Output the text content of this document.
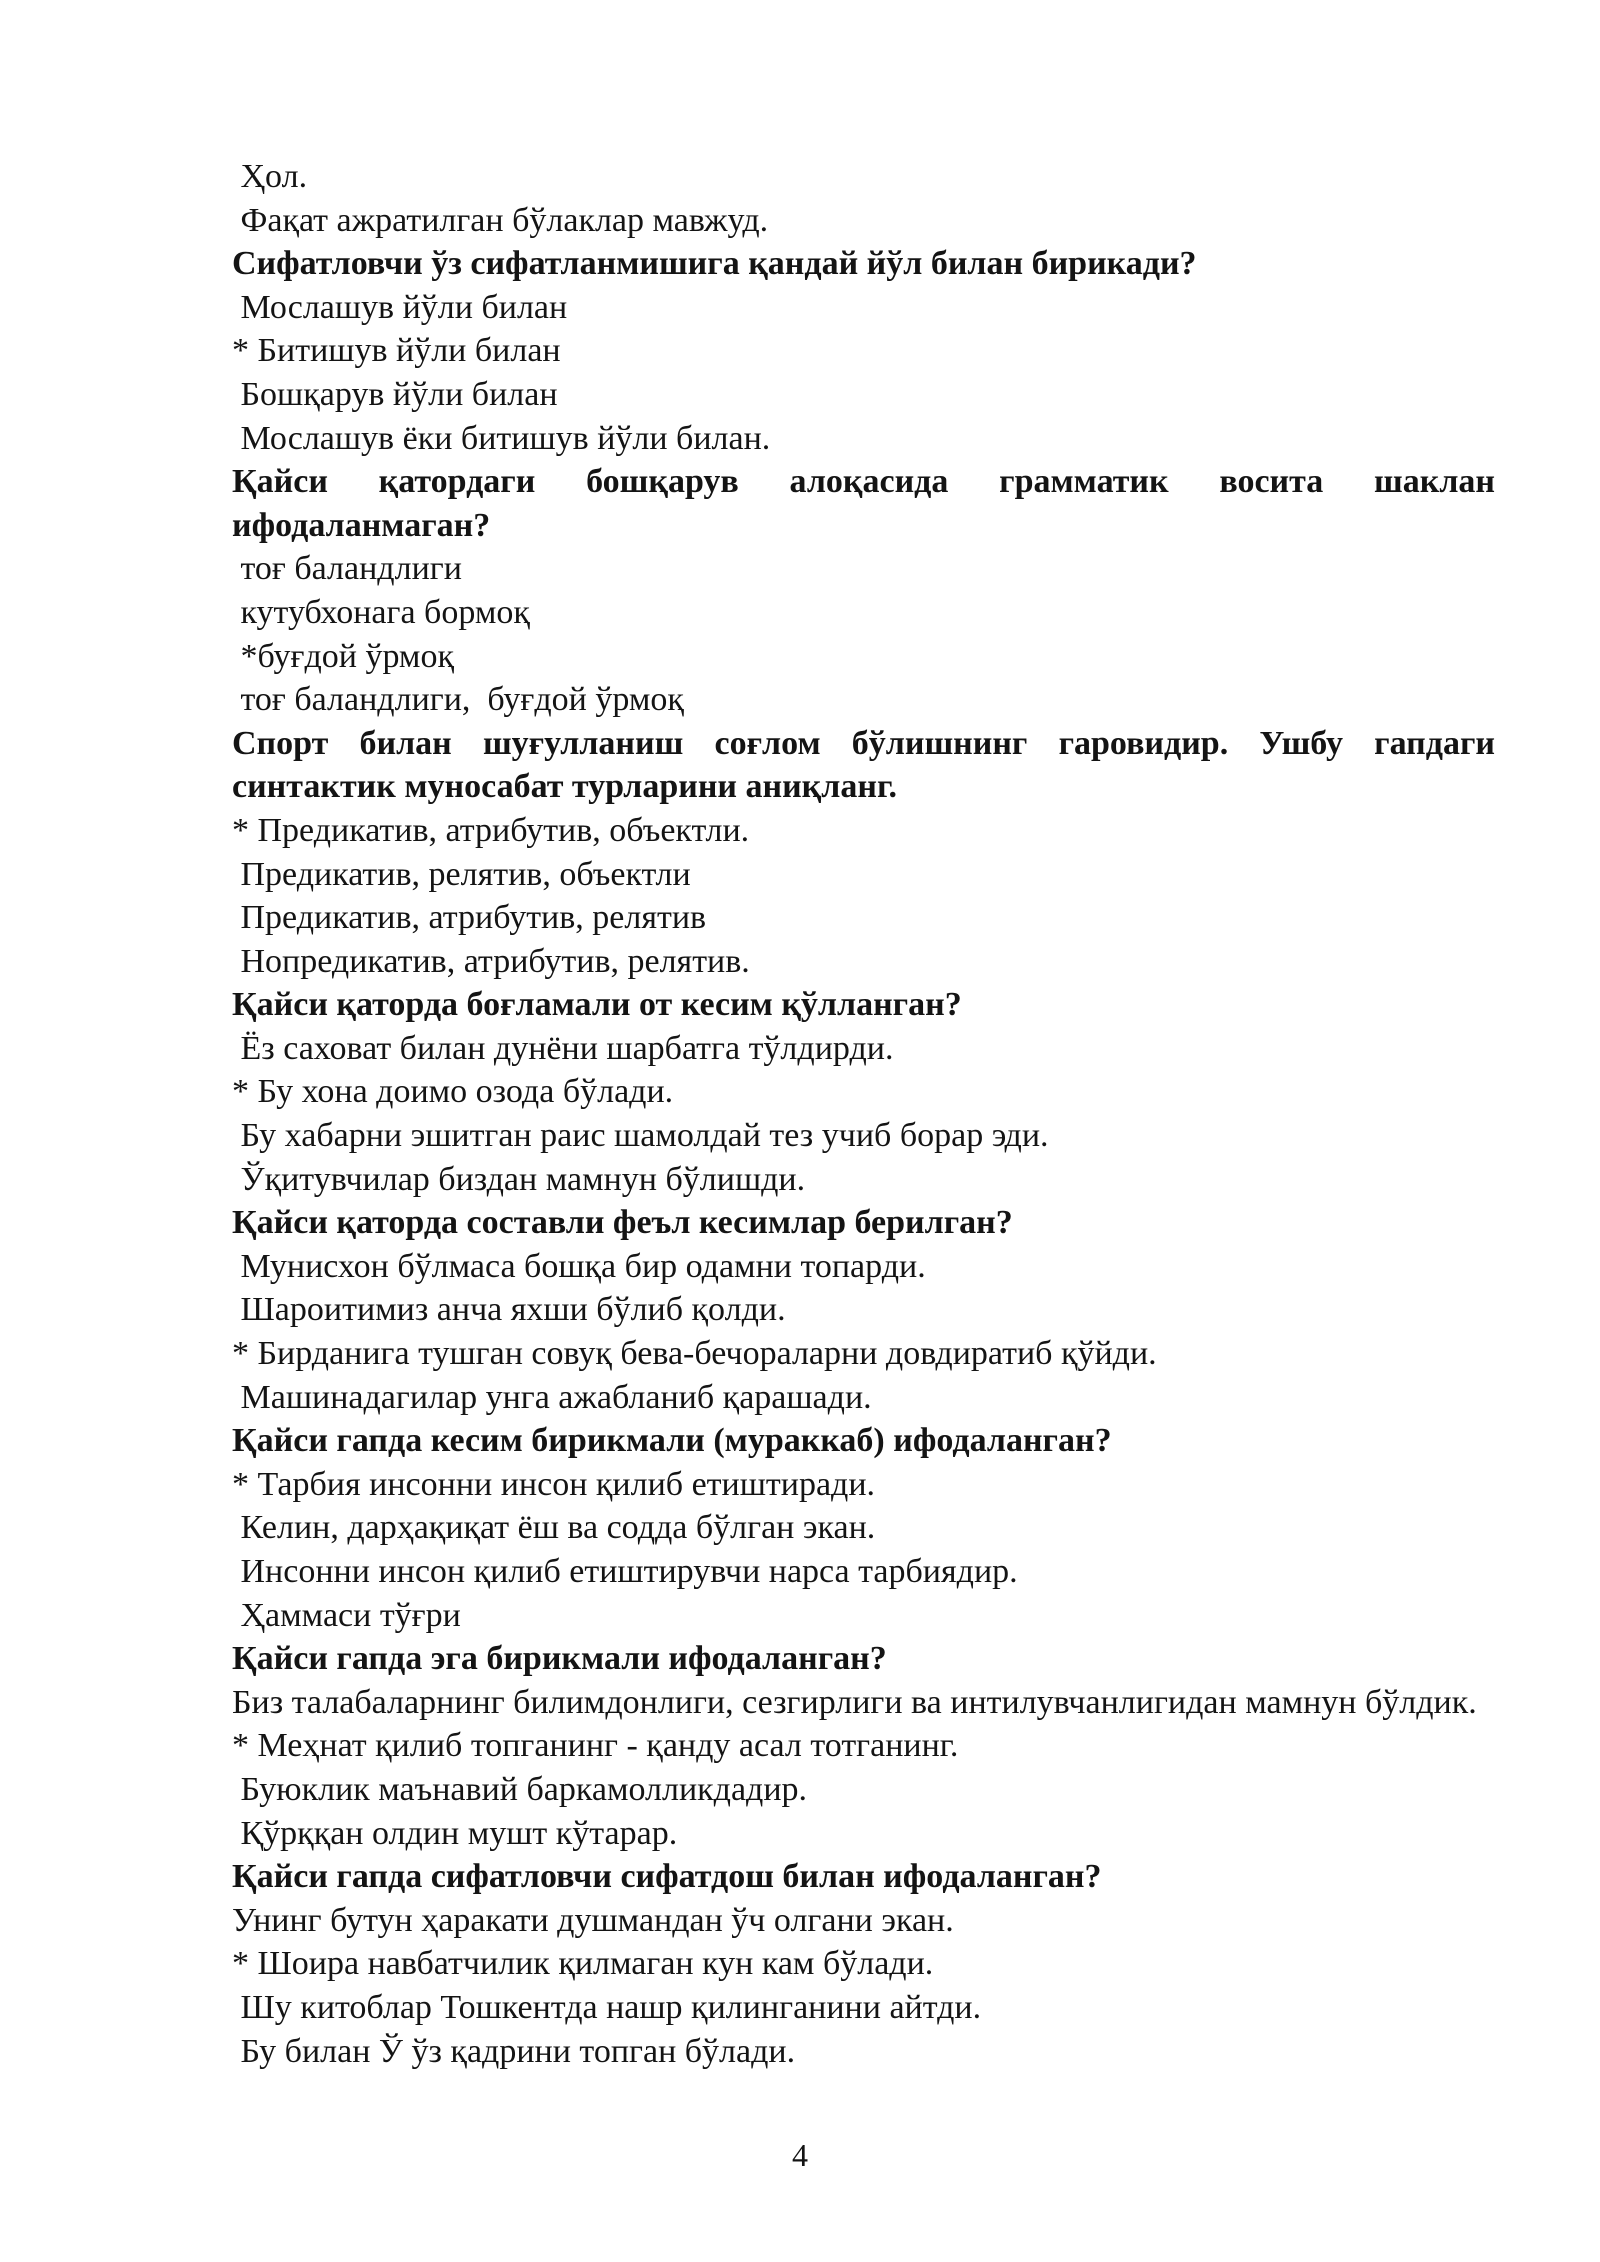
Ҳол.
Фақат ажратилган бўлаклар мавжуд.
Сифатловчи ўз сифатланмишига қандай йўл билан бирикади?
Мослашув йўли билан
* Битишув йўли билан
Бошқарув йўли билан
Мослашув ёки битишув йўли билан.
Қайси қатордаги бошқарув алоқасида грамматик восита шаклан ифодаланмаган?
тоғ баландлиги
кутубхонага бормоқ
*буғдой ўрмоқ
тоғ баландлиги,  буғдой ўрмоқ
Спорт билан шуғулланиш соғлом бўлишнинг гаровидир. Ушбу гапдаги синтактик муносабат турларини аниқланг.
* Предикатив, атрибутив, объектли.
Предикатив, релятив, объектли
Предикатив, атрибутив, релятив
Нопредикатив, атрибутив, релятив.
Қайси қаторда боғламали от кесим қўлланган?
Ёз саховат билан дунёни шарбатга тўлдирди.
* Бу хона доимо озода бўлади.
Бу хабарни эшитган раис шамолдай тез учиб борар эди.
Ўқитувчилар биздан мамнун бўлишди.
Қайси қаторда составли феъл кесимлар берилган?
Мунисхон бўлмаса бошқа бир одамни топарди.
Шароитимиз анча яхши бўлиб қолди.
* Бирданига тушган совуқ бева-бечораларни довдиратиб қўйди.
Машинадагилар унга ажабланиб қарашади.
Қайси гапда кесим бирикмали (мураккаб) ифодаланган?
* Тарбия инсонни инсон қилиб етиштиради.
Келин, дарҳақиқат ёш ва содда бўлган экан.
Инсонни инсон қилиб етиштирувчи нарса тарбиядир.
Ҳаммаси тўғри
Қайси гапда эга бирикмали ифодаланган?
Биз талабаларнинг билимдонлиги, сезгирлиги ва интилувчанлигидан мамнун бўлдик.
* Меҳнат қилиб топганинг - қанду асал тотганинг.
Буюклик маънавий баркамолликдадир.
Қўрққан олдин мушт кўтарар.
Қайси гапда сифатловчи сифатдош билан ифодаланган?
Унинг бутун ҳаракати душмандан ўч олгани экан.
* Шоира навбатчилик қилмаган кун кам бўлади.
Шу китоблар Тошкентда нашр қилинганини айтди.
Бу билан Ў ўз қадрини топган бўлади.
4
